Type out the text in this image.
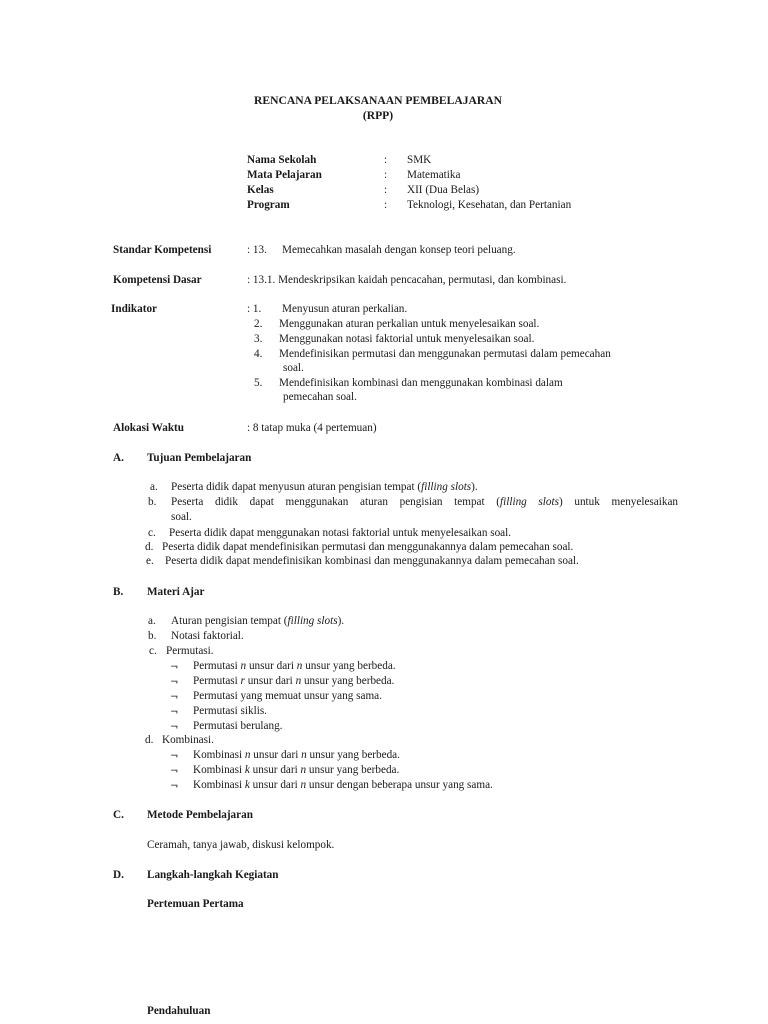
RENCANA PELAKSANAAN PEMBELAJARAN
(RPP)
Nama Sekolah	: SMK
Mata Pelajaran	: Matematika
Kelas	: XII (Dua Belas)
Program	: Teknologi, Kesehatan, dan Pertanian
Standar Kompetensi	: 13. Memecahkan masalah dengan konsep teori peluang.
Kompetensi Dasar	: 13.1. Mendeskripsikan kaidah pencacahan, permutasi, dan kombinasi.
Indikator	: 1. Menyusun aturan perkalian.
2. Menggunakan aturan perkalian untuk menyelesaikan soal.
3. Menggunakan notasi faktorial untuk menyelesaikan soal.
4. Mendefinisikan permutasi dan menggunakan permutasi dalam pemecahan
soal.
5. Mendefinisikan kombinasi dan menggunakan kombinasi dalam
pemecahan soal.
Alokasi Waktu	: 8 tatap muka (4 pertemuan)
A. Tujuan Pembelajaran
a. Peserta didik dapat menyusun aturan pengisian tempat (filling slots).
b. Peserta didik dapat menggunakan aturan pengisian tempat (filling slots) untuk menyelesaikan
soal.
c. Peserta didik dapat menggunakan notasi faktorial untuk menyelesaikan soal.
d. Peserta didik dapat mendefinisikan permutasi dan menggunakannya dalam pemecahan soal.
e. Peserta didik dapat mendefinisikan kombinasi dan menggunakannya dalam pemecahan soal.
B. Materi Ajar
a. Aturan pengisian tempat (filling slots).
b. Notasi faktorial.
c. Permutasi.
¬ Permutasi n unsur dari n unsur yang berbeda.
¬ Permutasi r unsur dari n unsur yang berbeda.
¬ Permutasi yang memuat unsur yang sama.
¬ Permutasi siklis.
¬ Permutasi berulang.
d. Kombinasi.
¬ Kombinasi n unsur dari n unsur yang berbeda.
¬ Kombinasi k unsur dari n unsur yang berbeda.
¬ Kombinasi k unsur dari n unsur dengan beberapa unsur yang sama.
C. Metode Pembelajaran
Ceramah, tanya jawab, diskusi kelompok.
D. Langkah-langkah Kegiatan
Pertemuan Pertama
Pendahuluan
